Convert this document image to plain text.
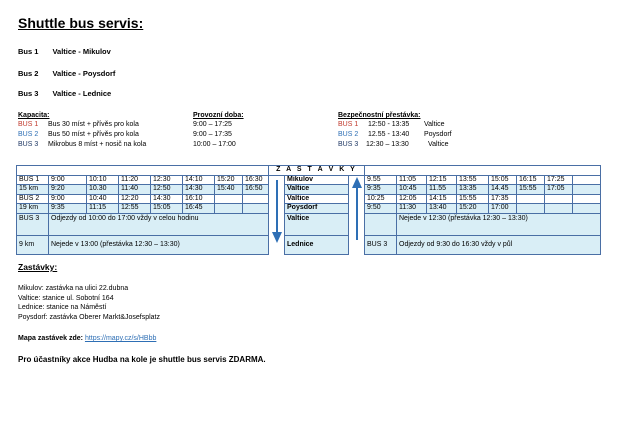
Shuttle bus servis:
Bus 1 Valtice - Mikulov
Bus 2 Valtice - Poysdorf
Bus 3 Valtice - Lednice
Kapacita:
BUS 1 Bus 30 míst + přívěs pro kola
BUS 2 Bus 50 míst + přívěs pro kola
BUS 3 Mikrobus 8 míst + nosič na kola
Provozní doba:
9:00 – 17:25
9:00 – 17:35
10:00 – 17:00
Bezpečnostní přestávka:
BUS 1 12:50 - 13:35 Valtice
BUS 2 12.55 - 13:40 Poysdorf
BUS 3 12:30 – 13:30	Valtice
								Z A S T Á V K Y										
BUS 1	9:00	10:10	11:20	12:30	14:10	15:20	16:30		Mikulov		9.55	11:05	12:15	13:55	15:05	16:15	17:25	
15 km	9:20	10.30	11:40	12:50	14:30	15:40	16:50		Valtice		9:35	10:45	11.55	13:35	14.45	15:55	17:05	
BUS 2	9:00	10:40	12:20	14:30	16:10				Valtice		10:25	12:05	14:15	15:55	17:35			
19 km	9:35	11:15	12:55	15:05	16:45				Poysdorf		9:50	11:30	13:40	15:20	17:00			
BUS 3	Odjezdy od 10:00 do 17:00 vždy v celou hodinu								Valtice			Nejede v 12:30 (přestávka 12:30 – 13:30)						
9 km	Nejede v 13:00 (přestávka 12:30 – 13:30)								Lednice		BUS 3	Odjezdy od 9:30 do 16:30 vždy v půl						
Zastávky:
Mikulov: zastávka na ulici 22.dubna
Valtice: stanice ul. Sobotní 164
Lednice: stanice na Náměstí
Poysdorf: zastávka Oberer Markt&Josefsplatz
Mapa zastávek zde: https://mapy.cz/s/HBbb
Pro účastníky akce Hudba na kole je shuttle bus servis ZDARMA.
